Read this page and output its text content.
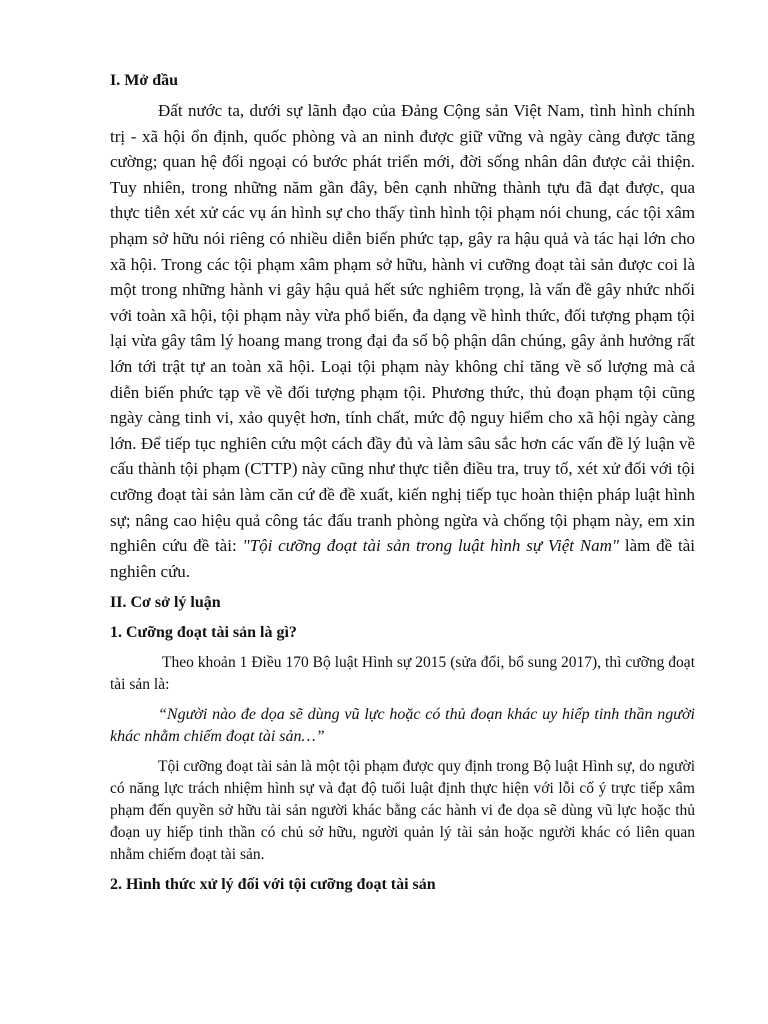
I. Mở đầu

Đất nước ta, dưới sự lãnh đạo của Đảng Cộng sản Việt Nam, tình hình chính trị - xã hội ổn định, quốc phòng và an ninh được giữ vững và ngày càng được tăng cường; quan hệ đối ngoại có bước phát triển mới, đời sống nhân dân được cải thiện. Tuy nhiên, trong những năm gần đây, bên cạnh những thành tựu đã đạt được, qua thực tiễn xét xử các vụ án hình sự cho thấy tình hình tội phạm nói chung, các tội xâm phạm sở hữu nói riêng có nhiều diễn biến phức tạp, gây ra hậu quả và tác hại lớn cho xã hội. Trong các tội phạm xâm phạm sở hữu, hành vi cưỡng đoạt tài sản được coi là một trong những hành vi gây hậu quả hết sức nghiêm trọng, là vấn đề gây nhức nhối với toàn xã hội, tội phạm này vừa phổ biến, đa dạng về hình thức, đối tượng phạm tội lại vừa gây tâm lý hoang mang trong đại đa số bộ phận dân chúng, gây ảnh hưởng rất lớn tới trật tự an toàn xã hội. Loại tội phạm này không chỉ tăng về số lượng mà cả diễn biến phức tạp về về đối tượng phạm tội. Phương thức, thủ đoạn phạm tội cũng ngày càng tinh vi, xảo quyệt hơn, tính chất, mức độ nguy hiểm cho xã hội ngày càng lớn. Để tiếp tục nghiên cứu một cách đầy đủ và làm sâu sắc hơn các vấn đề lý luận về cấu thành tội phạm (CTTP) này cũng như thực tiễn điều tra, truy tố, xét xử đối với tội cưỡng đoạt tài sản làm căn cứ đề đề xuất, kiến nghị tiếp tục hoàn thiện pháp luật hình sự; nâng cao hiệu quả công tác đấu tranh phòng ngừa và chống tội phạm này, em xin nghiên cứu đề tài: "Tội cưỡng đoạt tài sản trong luật hình sự Việt Nam" làm đề tài nghiên cứu.

II. Cơ sở lý luận

1. Cưỡng đoạt tài sản là gì?

Theo khoản 1 Điều 170 Bộ luật Hình sự 2015 (sửa đổi, bổ sung 2017), thì cưỡng đoạt tài sản là:

“Người nào đe dọa sẽ dùng vũ lực hoặc có thủ đoạn khác uy hiếp tinh thần người khác nhằm chiếm đoạt tài sản…”

Tội cưỡng đoạt tài sản là một tội phạm được quy định trong Bộ luật Hình sự, do người có năng lực trách nhiệm hình sự và đạt độ tuổi luật định thực hiện với lỗi cố ý trực tiếp xâm phạm đến quyền sở hữu tài sản người khác bằng các hành vi đe dọa sẽ dùng vũ lực hoặc thủ đoạn uy hiếp tinh thần có chủ sở hữu, người quản lý tài sản hoặc người khác có liên quan nhằm chiếm đoạt tài sản.

2. Hình thức xử lý đối với tội cưỡng đoạt tài sản
